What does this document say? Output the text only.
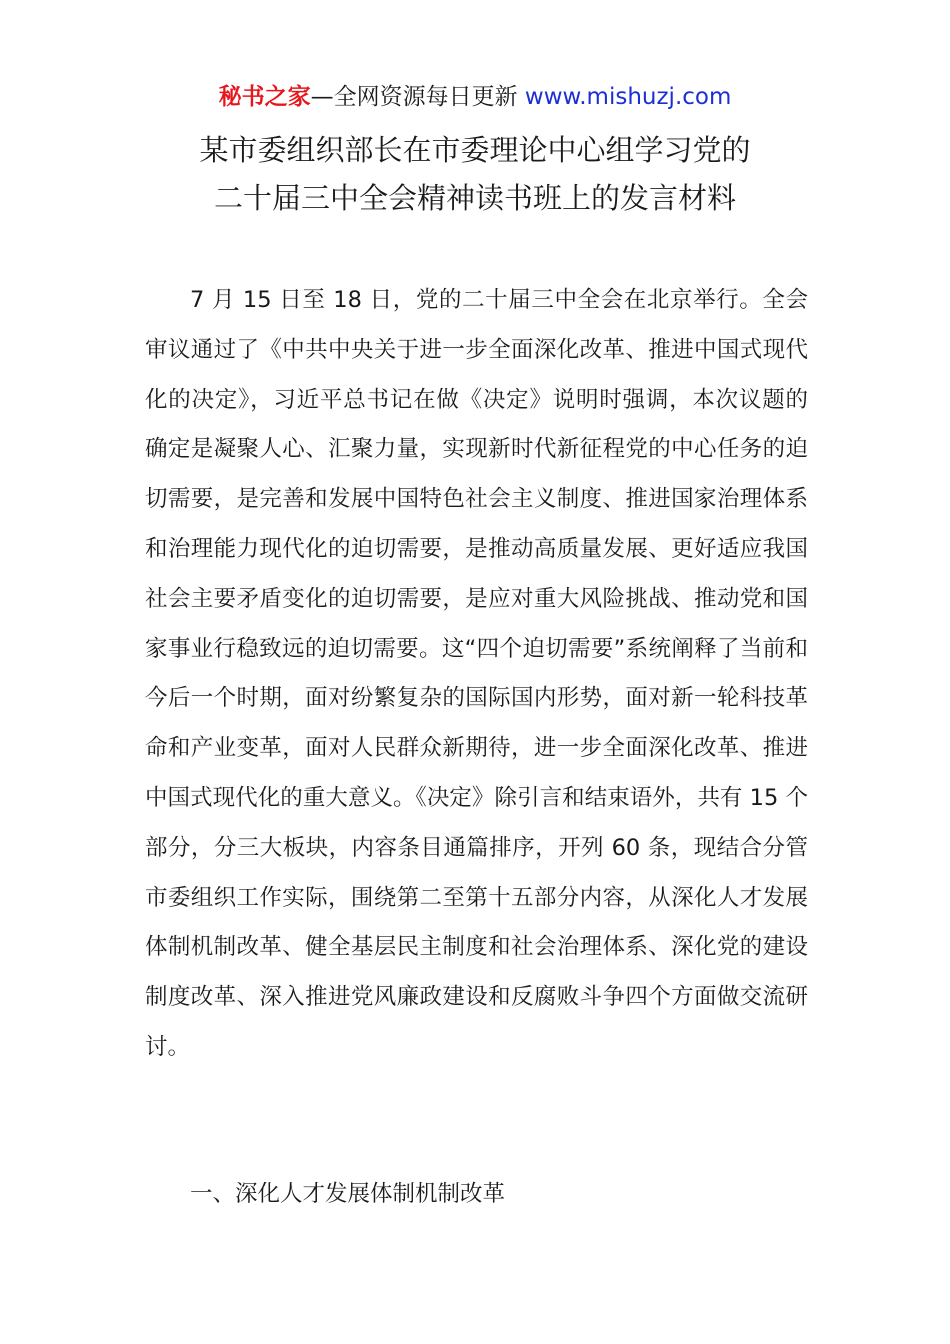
秘书之家—全网资源每日更新 www.mishuzj.com
某市委组织部长在市委理论中心组学习党的
二十届三中全会精神读书班上的发言材料

7 月 15 日至 18 日，党的二十届三中全会在北京举行。全会审议通过了《中共中央关于进一步全面深化改革、推进中国式现代化的决定》，习近平总书记在做《决定》说明时强调，本次议题的确定是凝聚人心、汇聚力量，实现新时代新征程党的中心任务的迫切需要，是完善和发展中国特色社会主义制度、推进国家治理体系和治理能力现代化的迫切需要，是推动高质量发展、更好适应我国社会主要矛盾变化的迫切需要，是应对重大风险挑战、推动党和国家事业行稳致远的迫切需要。这“四个迫切需要”系统阐释了当前和今后一个时期，面对纷繁复杂的国际国内形势，面对新一轮科技革命和产业变革，面对人民群众新期待，进一步全面深化改革、推进中国式现代化的重大意义。《决定》除引言和结束语外，共有 15 个部分，分三大板块，内容条目通篇排序，开列 60 条，现结合分管市委组织工作实际，围绕第二至第十五部分内容，从深化人才发展体制机制改革、健全基层民主制度和社会治理体系、深化党的建设制度改革、深入推进党风廉政建设和反腐败斗争四个方面做交流研讨。

一、深化人才发展体制机制改革
